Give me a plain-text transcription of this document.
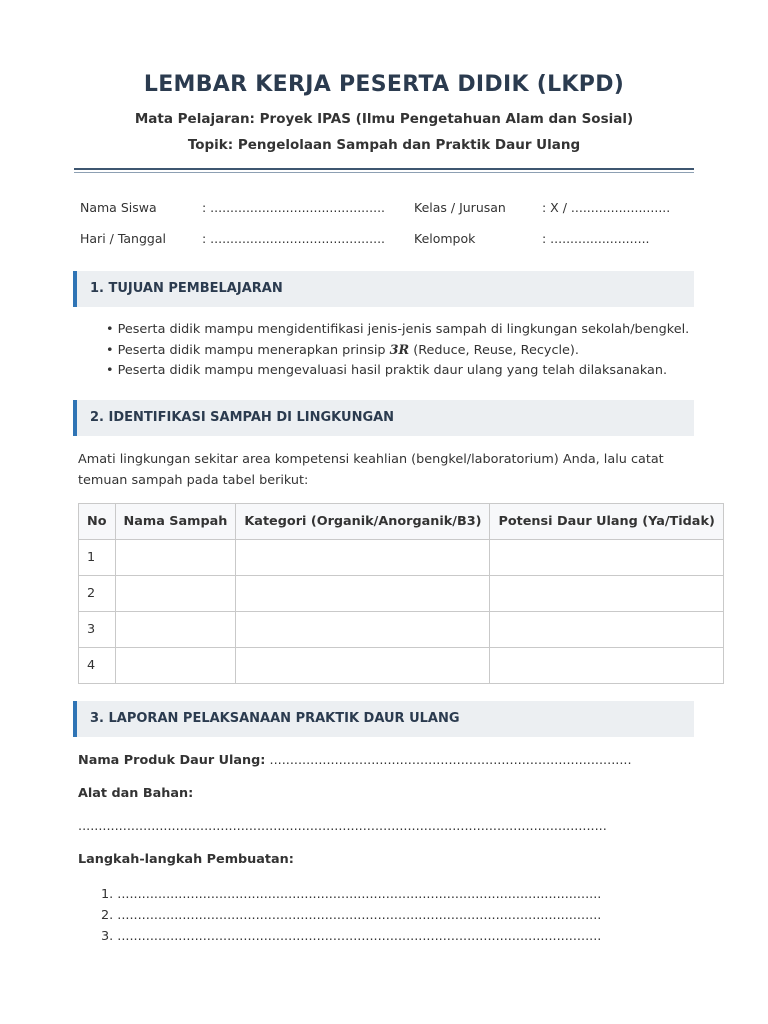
LEMBAR KERJA PESERTA DIDIK (LKPD)
Mata Pelajaran: Proyek IPAS (Ilmu Pengetahuan Alam dan Sosial)
Topik: Pengelolaan Sampah dan Praktik Daur Ulang
Nama Siswa	: ............................................ Kelas / Jurusan	: X / .........................
Hari / Tanggal	: ............................................ Kelompok	: .........................
1. TUJUAN PEMBELAJARAN
• Peserta didik mampu mengidentifikasi jenis-jenis sampah di lingkungan sekolah/bengkel.
• Peserta didik mampu menerapkan prinsip 3R (Reduce, Reuse, Recycle).
• Peserta didik mampu mengevaluasi hasil praktik daur ulang yang telah dilaksanakan.
2. IDENTIFIKASI SAMPAH DI LINGKUNGAN
Amati lingkungan sekitar area kompetensi keahlian (bengkel/laboratorium) Anda, lalu catat temuan sampah pada tabel berikut:
No	Nama Sampah	Kategori (Organik/Anorganik/B3)	Potensi Daur Ulang (Ya/Tidak)
1			
2			
3			
4			
3. LAPORAN PELAKSANAAN PRAKTIK DAUR ULANG
Nama Produk Daur Ulang: .........................................................................................
Alat dan Bahan:
..................................................................................................................................
Langkah-langkah Pembuatan:
1. .......................................................................................................................
2. .......................................................................................................................
3. .......................................................................................................................
